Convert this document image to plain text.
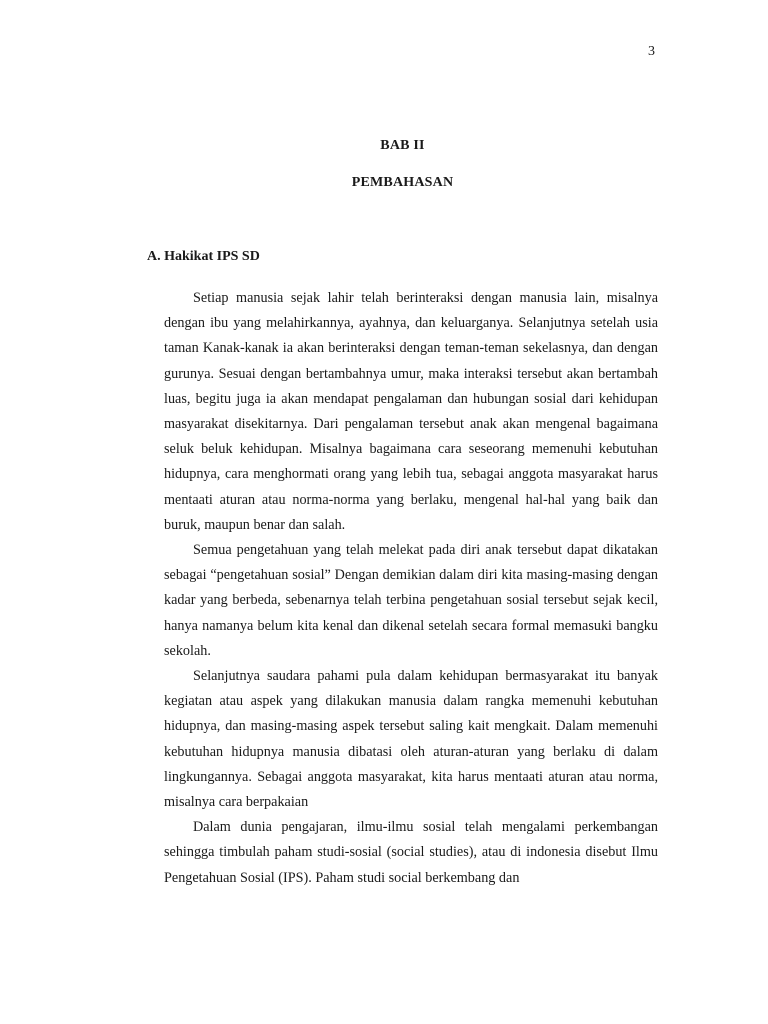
3
BAB II
PEMBAHASAN
A. Hakikat IPS SD

Setiap manusia sejak lahir telah berinteraksi dengan manusia lain, misalnya dengan ibu yang melahirkannya, ayahnya, dan keluarganya. Selanjutnya setelah usia taman Kanak-kanak ia akan berinteraksi dengan teman-teman sekelasnya, dan dengan gurunya. Sesuai dengan bertambahnya umur, maka interaksi tersebut akan bertambah luas, begitu juga ia akan mendapat pengalaman dan hubungan sosial dari kehidupan masyarakat disekitarnya. Dari pengalaman tersebut anak akan mengenal bagaimana seluk beluk kehidupan. Misalnya bagaimana cara seseorang memenuhi kebutuhan hidupnya, cara menghormati orang yang lebih tua, sebagai anggota masyarakat harus mentaati aturan atau norma-norma yang berlaku, mengenal hal-hal yang baik dan buruk, maupun benar dan salah.

Semua pengetahuan yang telah melekat pada diri anak tersebut dapat dikatakan sebagai “pengetahuan sosial” Dengan demikian dalam diri kita masing-masing dengan kadar yang berbeda, sebenarnya telah terbina pengetahuan sosial tersebut sejak kecil, hanya namanya belum kita kenal dan dikenal setelah secara formal memasuki bangku sekolah.

Selanjutnya saudara pahami pula dalam kehidupan bermasyarakat itu banyak kegiatan atau aspek yang dilakukan manusia dalam rangka memenuhi kebutuhan hidupnya, dan masing-masing aspek tersebut saling kait mengkait. Dalam memenuhi kebutuhan hidupnya manusia dibatasi oleh aturan-aturan yang berlaku di dalam lingkungannya. Sebagai anggota masyarakat, kita harus mentaati aturan atau norma, misalnya cara berpakaian

Dalam dunia pengajaran, ilmu-ilmu sosial telah mengalami perkembangan sehingga timbulah paham studi-sosial (social studies), atau di indonesia disebut Ilmu Pengetahuan Sosial (IPS). Paham studi social berkembang dan
